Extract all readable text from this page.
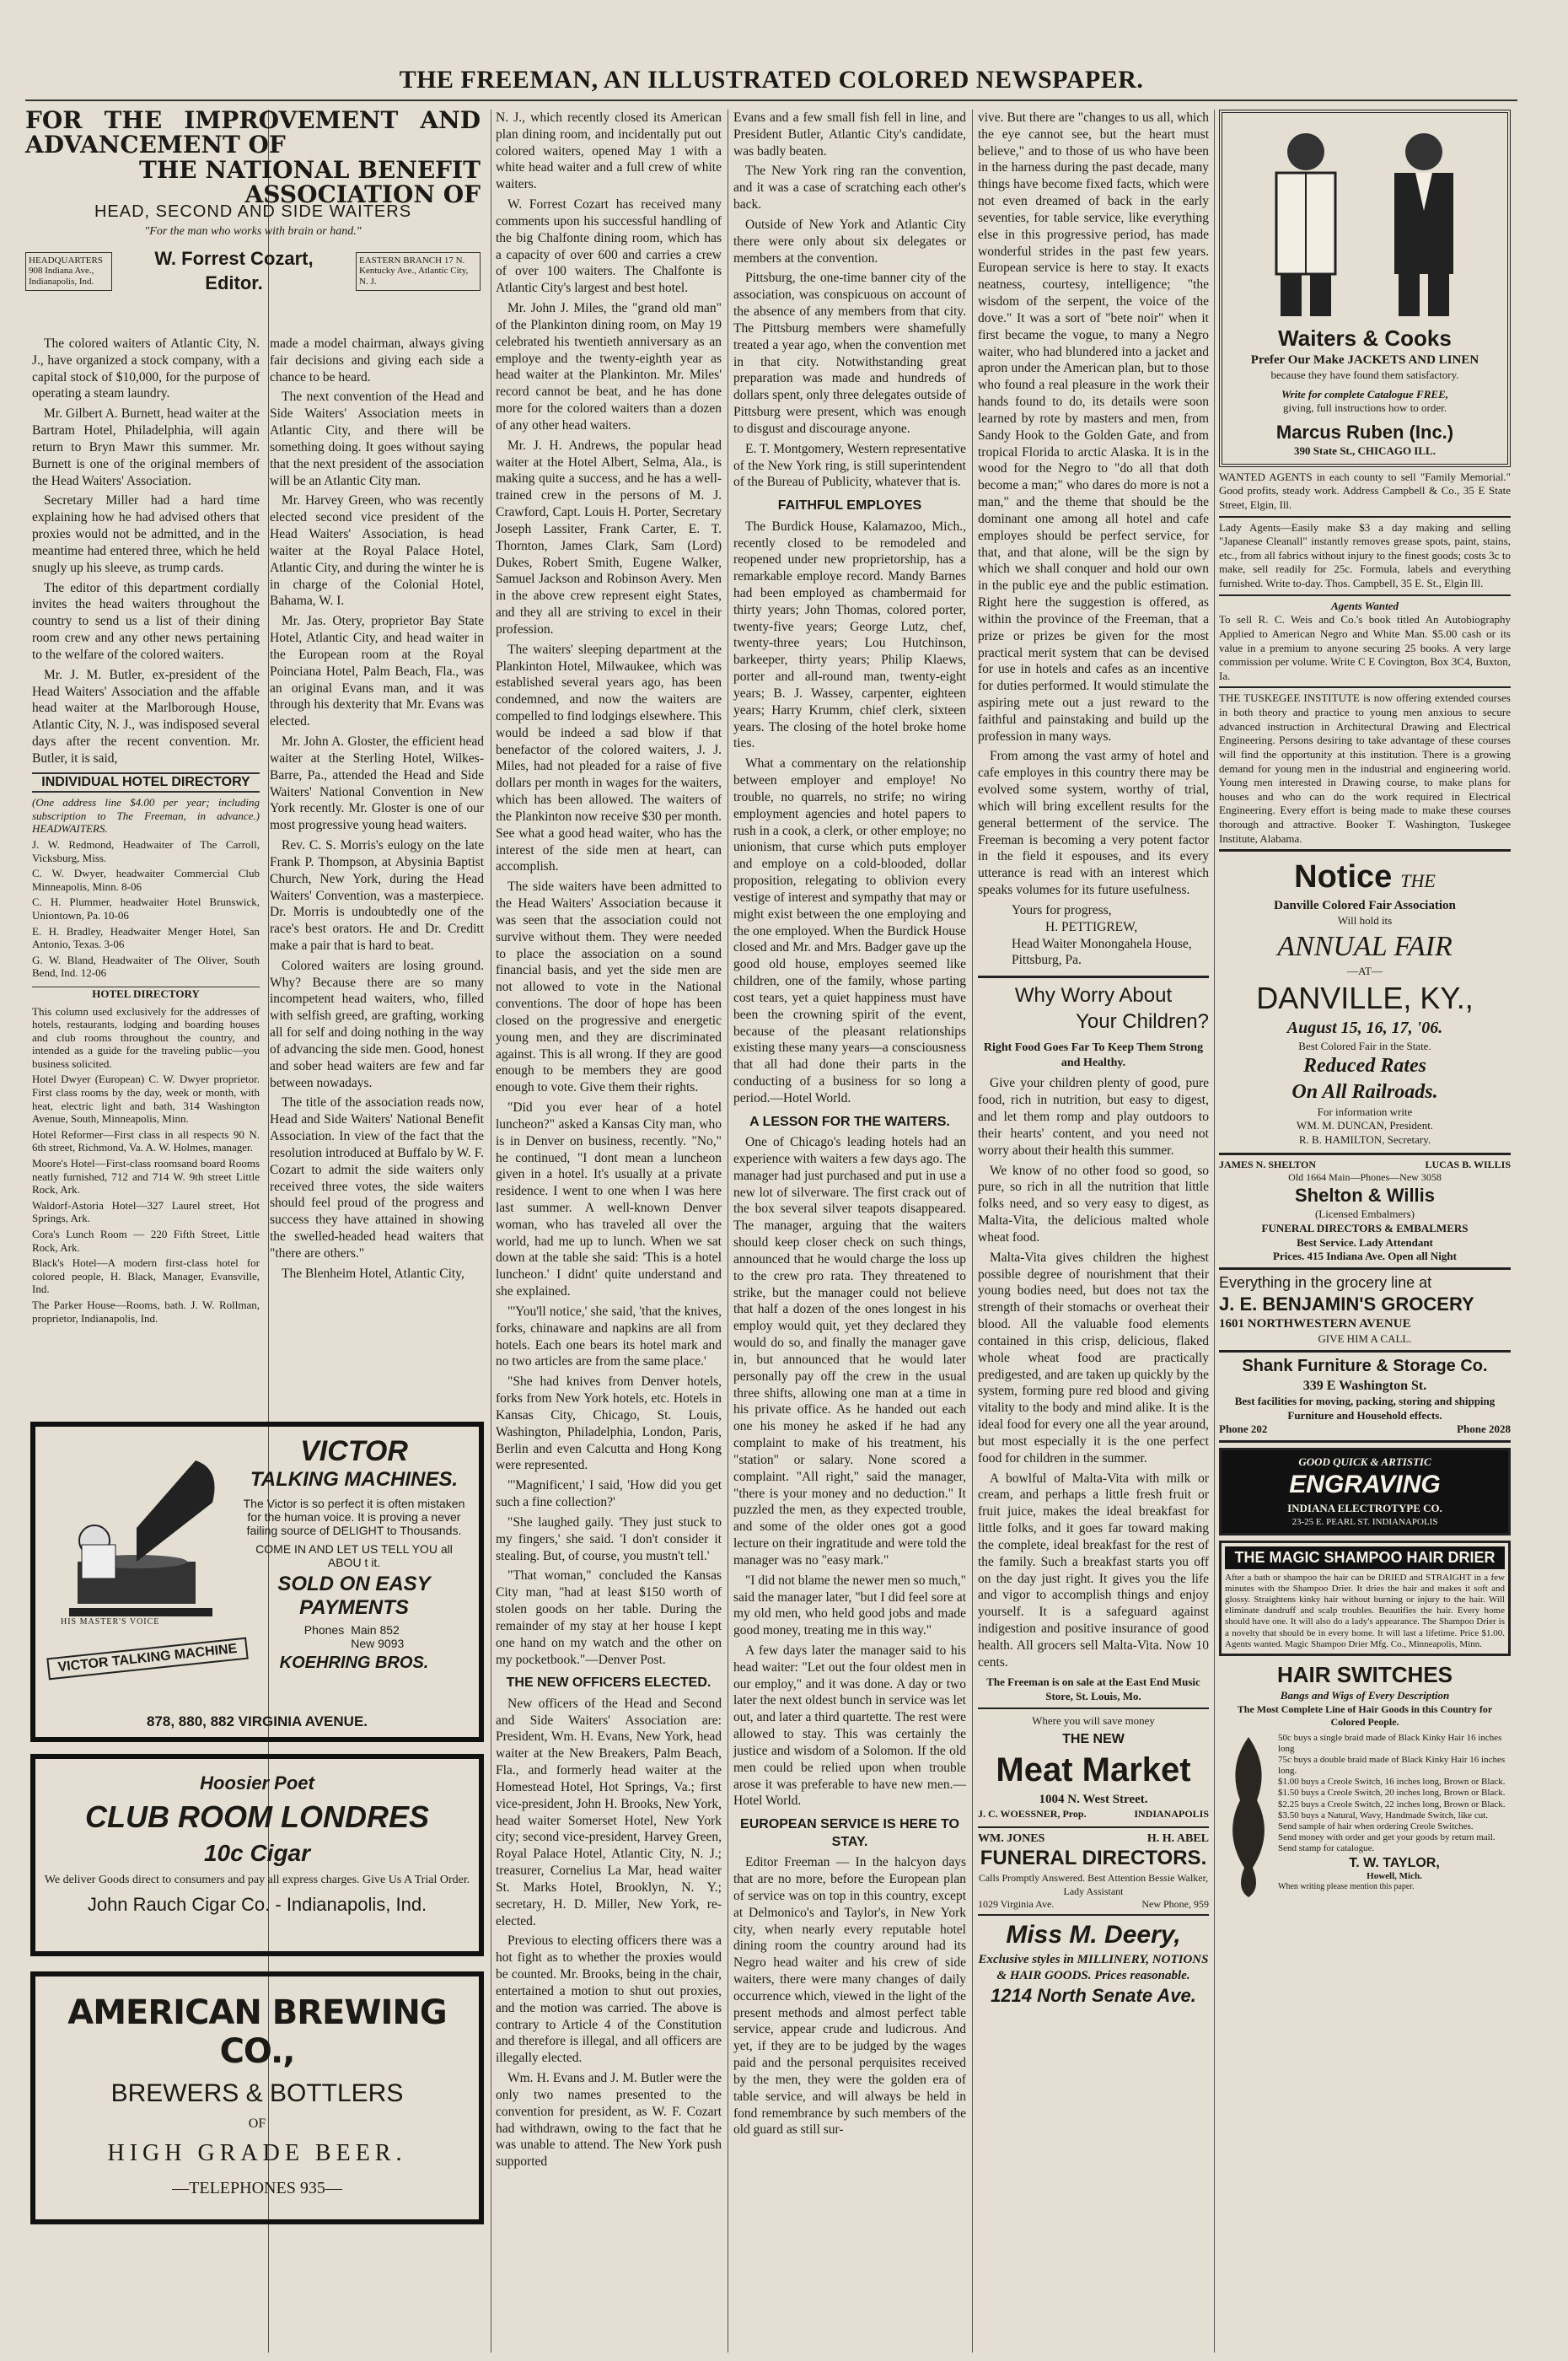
THE FREEMAN, AN ILLUSTRATED COLORED NEWSPAPER.
FOR THE IMPROVEMENT AND ADVANCEMENT OF
THE NATIONAL BENEFIT ASSOCIATION OF
HEAD, SECOND AND SIDE WAITERS
"For the man who works with brain or hand."
HEADQUARTERS 908 Indiana Ave., Indianapolis, Ind.
W. Forrest Cozart, Editor.
EASTERN BRANCH 17 N. Kentucky Ave., Atlantic City, N. J.

The colored waiters of Atlantic City, N. J., have organized a stock company, with a capital stock of $10,000, for the purpose of operating a steam laundry.

Mr. Gilbert A. Burnett, head waiter at the Bartram Hotel, Philadelphia, will again return to Bryn Mawr this summer. Mr. Burnett is one of the original members of the Head Waiters' Association.

Secretary Miller had a hard time explaining how he had advised others that proxies would not be admitted, and in the meantime had entered three, which he held snugly up his sleeve, as trump cards.

The editor of this department cordially invites the head waiters throughout the country to send us a list of their dining room crew and any other news pertaining to the welfare of the colored waiters.

Mr. J. M. Butler, ex-president of the Head Waiters' Association and the affable head waiter at the Marlborough House, Atlantic City, N. J., was indisposed several days after the recent convention. Mr. Butler, it is said,

INDIVIDUAL HOTEL DIRECTORY

(One address line $4.00 per year; including subscription to The Freeman, in advance.) HEADWAITERS.

J. W. Redmond, Headwaiter of The Carroll, Vicksburg, Miss.

C. W. Dwyer, headwaiter Commercial Club Minneapolis, Minn. 8-06

C. H. Plummer, headwaiter Hotel Brunswick, Uniontown, Pa. 10-06

E. H. Bradley, Headwaiter Menger Hotel, San Antonio, Texas. 3-06

G. W. Bland, Headwaiter of The Oliver, South Bend, Ind. 12-06

HOTEL DIRECTORY

This column used exclusively for the addresses of hotels, restaurants, lodging and boarding houses and club rooms throughout the country, and intended as a guide for the traveling public—you business solicited.

Hotel Dwyer (European) C. W. Dwyer proprietor. First class rooms by the day, week or month, with heat, electric light and bath, 314 Washington Avenue, South, Minneapolis, Minn.

Hotel Reformer—First class in all respects 90 N. 6th street, Richmond, Va. A. W. Holmes, manager.

Moore's Hotel—First-class roomsand board Rooms neatly furnished, 712 and 714 W. 9th street Little Rock, Ark.

Waldorf-Astoria Hotel—327 Laurel street, Hot Springs, Ark.

Cora's Lunch Room — 220 Fifth Street, Little Rock, Ark.

Black's Hotel—A modern first-class hotel for colored people, H. Black, Manager, Evansville, Ind.

The Parker House—Rooms, bath. J. W. Rollman, proprietor, Indianapolis, Ind.

HIS MASTER'S VOICE
VICTOR
TALKING MACHINES.
The Victor is so perfect it is often mistaken for the human voice. It is proving a never failing source of DELIGHT to Thousands.
COME IN AND LET US TELL YOU all ABOU t it.
SOLD ON EASY PAYMENTS
Phones Main 852
New 9093
KOEHRING BROS.
VICTOR TALKING MACHINE
878, 880, 882 VIRGINIA AVENUE.
Hoosier Poet
CLUB ROOM LONDRES
10c Cigar
We deliver Goods direct to consumers and pay all express charges. Give Us A Trial Order.
John Rauch Cigar Co. - Indianapolis, Ind.
AMERICAN BREWING CO.,
BREWERS & BOTTLERS
OF
HIGH GRADE BEER.
—TELEPHONES 935—

made a model chairman, always giving fair decisions and giving each side a chance to be heard.

The next convention of the Head and Side Waiters' Association meets in Atlantic City, and there will be something doing. It goes without saying that the next president of the association will be an Atlantic City man.

Mr. Harvey Green, who was recently elected second vice president of the Head Waiters' Association, is head waiter at the Royal Palace Hotel, Atlantic City, and during the winter he is in charge of the Colonial Hotel, Bahama, W. I.

Mr. Jas. Otery, proprietor Bay State Hotel, Atlantic City, and head waiter in the European room at the Royal Poinciana Hotel, Palm Beach, Fla., was an original Evans man, and it was through his dexterity that Mr. Evans was elected.

Mr. John A. Gloster, the efficient head waiter at the Sterling Hotel, Wilkes-Barre, Pa., attended the Head and Side Waiters' National Convention in New York recently. Mr. Gloster is one of our most progressive young head waiters.

Rev. C. S. Morris's eulogy on the late Frank P. Thompson, at Abysinia Baptist Church, New York, during the Head Waiters' Convention, was a masterpiece. Dr. Morris is undoubtedly one of the race's best orators. He and Dr. Creditt make a pair that is hard to beat.

Colored waiters are losing ground. Why? Because there are so many incompetent head waiters, who, filled with selfish greed, are grafting, working all for self and doing nothing in the way of advancing the side men. Good, honest and sober head waiters are few and far between nowadays.

The title of the association reads now, Head and Side Waiters' National Benefit Association. In view of the fact that the resolution introduced at Buffalo by W. F. Cozart to admit the side waiters only received three votes, the side waiters should feel proud of the progress and success they have attained in showing the swelled-headed head waiters that "there are others."

The Blenheim Hotel, Atlantic City,

N. J., which recently closed its American plan dining room, and incidentally put out colored waiters, opened May 1 with a white head waiter and a full crew of white waiters.

W. Forrest Cozart has received many comments upon his successful handling of the big Chalfonte dining room, which has a capacity of over 600 and carries a crew of over 100 waiters. The Chalfonte is Atlantic City's largest and best hotel.

Mr. John J. Miles, the "grand old man" of the Plankinton dining room, on May 19 celebrated his twentieth anniversary as an employe and the twenty-eighth year as head waiter at the Plankinton. Mr. Miles' record cannot be beat, and he has done more for the colored waiters than a dozen of any other head waiters.

Mr. J. H. Andrews, the popular head waiter at the Hotel Albert, Selma, Ala., is making quite a success, and he has a well-trained crew in the persons of M. J. Crawford, Capt. Louis H. Porter, Secretary Joseph Lassiter, Frank Carter, E. T. Thornton, James Clark, Sam (Lord) Dukes, Robert Smith, Eugene Walker, Samuel Jackson and Robinson Avery. Men in the above crew represent eight States, and they all are striving to excel in their profession.

The waiters' sleeping department at the Plankinton Hotel, Milwaukee, which was established several years ago, has been condemned, and now the waiters are compelled to find lodgings elsewhere. This would be indeed a sad blow if that benefactor of the colored waiters, J. J. Miles, had not pleaded for a raise of five dollars per month in wages for the waiters, which has been allowed. The waiters of the Plankinton now receive $30 per month. See what a good head waiter, who has the interest of the side men at heart, can accomplish.

The side waiters have been admitted to the Head Waiters' Association because it was seen that the association could not survive without them. They were needed to place the association on a sound financial basis, and yet the side men are not allowed to vote in the National conventions. The door of hope has been closed on the progressive and energetic young men, and they are discriminated against. This is all wrong. If they are good enough to be members they are good enough to vote. Give them their rights.

"Did you ever hear of a hotel luncheon?" asked a Kansas City man, who is in Denver on business, recently. "No," he continued, "I dont mean a luncheon given in a hotel. It's usually at a private residence. I went to one when I was here last summer. A well-known Denver woman, who has traveled all over the world, had me up to lunch. When we sat down at the table she said: 'This is a hotel luncheon.' I didnt' quite understand and she explained.

"'You'll notice,' she said, 'that the knives, forks, chinaware and napkins are all from hotels. Each one bears its hotel mark and no two articles are from the same place.'

"She had knives from Denver hotels, forks from New York hotels, etc. Hotels in Kansas City, Chicago, St. Louis, Washington, Philadelphia, London, Paris, Berlin and even Calcutta and Hong Kong were represented.

"'Magnificent,' I said, 'How did you get such a fine collection?'

"She laughed gaily. 'They just stuck to my fingers,' she said. 'I don't consider it stealing. But, of course, you mustn't tell.'

"That woman," concluded the Kansas City man, "had at least $150 worth of stolen goods on her table. During the remainder of my stay at her house I kept one hand on my watch and the other on my pocketbook."—Denver Post.

THE NEW OFFICERS ELECTED.

New officers of the Head and Second and Side Waiters' Association are: President, Wm. H. Evans, New York, head waiter at the New Breakers, Palm Beach, Fla., and formerly head waiter at the Homestead Hotel, Hot Springs, Va.; first vice-president, John H. Brooks, New York, head waiter Somerset Hotel, New York city; second vice-president, Harvey Green, Royal Palace Hotel, Atlantic City, N. J.; treasurer, Cornelius La Mar, head waiter St. Marks Hotel, Brooklyn, N. Y.; secretary, H. D. Miller, New York, re-elected.

Previous to electing officers there was a hot fight as to whether the proxies would be counted. Mr. Brooks, being in the chair, entertained a motion to shut out proxies, and the motion was carried. The above is contrary to Article 4 of the Constitution and therefore is illegal, and all officers are illegally elected.

Wm. H. Evans and J. M. Butler were the only two names presented to the convention for president, as W. F. Cozart had withdrawn, owing to the fact that he was unable to attend. The New York push supported

Evans and a few small fish fell in line, and President Butler, Atlantic City's candidate, was badly beaten.

The New York ring ran the convention, and it was a case of scratching each other's back.

Outside of New York and Atlantic City there were only about six delegates or members at the convention.

Pittsburg, the one-time banner city of the association, was conspicuous on account of the absence of any members from that city. The Pittsburg members were shamefully treated a year ago, when the convention met in that city. Notwithstanding great preparation was made and hundreds of dollars spent, only three delegates outside of Pittsburg were present, which was enough to disgust and discourage anyone.

E. T. Montgomery, Western representative of the New York ring, is still superintendent of the Bureau of Publicity, whatever that is.

FAITHFUL EMPLOYES

The Burdick House, Kalamazoo, Mich., recently closed to be remodeled and reopened under new proprietorship, has a remarkable employe record. Mandy Barnes had been employed as chambermaid for thirty years; John Thomas, colored porter, twenty-five years; George Lutz, chef, twenty-three years; Lou Hutchinson, barkeeper, thirty years; Philip Klaews, porter and all-round man, twenty-eight years; B. J. Wassey, carpenter, eighteen years; Harry Krumm, chief clerk, sixteen years. The closing of the hotel broke home ties.

What a commentary on the relationship between employer and employe! No trouble, no quarrels, no strife; no wiring employment agencies and hotel papers to rush in a cook, a clerk, or other employe; no unionism, that curse which puts employer and employe on a cold-blooded, dollar proposition, relegating to oblivion every vestige of interest and sympathy that may or might exist between the one employing and the one employed. When the Burdick House closed and Mr. and Mrs. Badger gave up the good old house, employes seemed like children, one of the family, whose parting cost tears, yet a quiet happiness must have been the crowning spirit of the event, because of the pleasant relationships existing these many years—a consciousness that all had done their parts in the conducting of a business for so long a period.—Hotel World.

A LESSON FOR THE WAITERS.

One of Chicago's leading hotels had an experience with waiters a few days ago. The manager had just purchased and put in use a new lot of silverware. The first crack out of the box several silver teapots disappeared. The manager, arguing that the waiters should keep closer check on such things, announced that he would charge the loss up to the crew pro rata. They threatened to strike, but the manager could not believe that half a dozen of the ones longest in his employ would quit, yet they declared they would do so, and finally the manager gave in, but announced that he would later personally pay off the crew in the usual three shifts, allowing one man at a time in his private office. As he handed out each one his money he asked if he had any complaint to make of his treatment, his "station" or salary. None scored a complaint. "All right," said the manager, "there is your money and no deduction." It puzzled the men, as they expected trouble, and some of the older ones got a good lecture on their ingratitude and were told the manager was no "easy mark."

"I did not blame the newer men so much," said the manager later, "but I did feel sore at my old men, who held good jobs and made good money, treating me in this way."

A few days later the manager said to his head waiter: "Let out the four oldest men in our employ," and it was done. A day or two later the next oldest bunch in service was let out, and later a third quartette. The rest were allowed to stay. This was certainly the justice and wisdom of a Solomon. If the old men could be relied upon when trouble arose it was preferable to have new men.—Hotel World.

EUROPEAN SERVICE IS HERE TO STAY.

Editor Freeman — In the halcyon days that are no more, before the European plan of service was on top in this country, except at Delmonico's and Taylor's, in New York city, when nearly every reputable hotel dining room the country around had its Negro head waiter and his crew of side waiters, there were many changes of daily occurrence which, viewed in the light of the present methods and almost perfect table service, appear crude and ludicrous. And yet, if they are to be judged by the wages paid and the personal perquisites received by the men, they were the golden era of table service, and will always be held in fond remembrance by such members of the old guard as still sur-

vive. But there are "changes to us all, which the eye cannot see, but the heart must believe," and to those of us who have been in the harness during the past decade, many things have become fixed facts, which were not even dreamed of back in the early seventies, for table service, like everything else in this progressive period, has made wonderful strides in the past few years. European service is here to stay. It exacts neatness, courtesy, intelligence; "the wisdom of the serpent, the voice of the dove." It was a sort of "bete noir" when it first became the vogue, to many a Negro waiter, who had blundered into a jacket and apron under the American plan, but to those who found a real pleasure in the work their hands found to do, its details were soon learned by rote by masters and men, from Sandy Hook to the Golden Gate, and from tropical Florida to arctic Alaska. It is in the wood for the Negro to "do all that doth become a man;" who dares do more is not a man," and the theme that should be the dominant one among all hotel and cafe employes should be perfect service, for that, and that alone, will be the sign by which we shall conquer and hold our own in the public eye and the public estimation. Right here the suggestion is offered, as within the province of the Freeman, that a prize or prizes be given for the most practical merit system that can be devised for use in hotels and cafes as an incentive for duties performed. It would stimulate the aspiring mete out a just reward to the faithful and painstaking and build up the profession in many ways.

From among the vast army of hotel and cafe employes in this country there may be evolved some system, worthy of trial, which will bring excellent results for the general betterment of the service. The Freeman is becoming a very potent factor in the field it espouses, and its every utterance is read with an interest which speaks volumes for its future usefulness.

Yours for progress,
H. PETTIGREW,
Head Waiter Monongahela House, Pittsburg, Pa.
Why Worry About
Your Children?
Right Food Goes Far To Keep Them Strong and Healthy.

Give your children plenty of good, pure food, rich in nutrition, but easy to digest, and let them romp and play outdoors to their hearts' content, and you need not worry about their health this summer.

We know of no other food so good, so pure, so rich in all the nutrition that little folks need, and so very easy to digest, as Malta-Vita, the delicious malted whole wheat food.

Malta-Vita gives children the highest possible degree of nourishment that their young bodies need, but does not tax the strength of their stomachs or overheat their blood. All the valuable food elements contained in this crisp, delicious, flaked whole wheat food are practically predigested, and are taken up quickly by the system, forming pure red blood and giving vitality to the body and mind alike. It is the ideal food for every one all the year around, but most especially it is the one perfect food for children in the summer.

A bowlful of Malta-Vita with milk or cream, and perhaps a little fresh fruit or fruit juice, makes the ideal breakfast for little folks, and it goes far toward making the complete, ideal breakfast for the rest of the family. Such a breakfast starts you off on the day just right. It gives you the life and vigor to accomplish things and enjoy yourself. It is a safeguard against indigestion and positive insurance of good health. All grocers sell Malta-Vita. Now 10 cents.

The Freeman is on sale at the East End Music Store, St. Louis, Mo.
Where you will save money
THE NEW
Meat Market
1004 N. West Street.
J. C. WOESSNER, Prop.	INDIANAPOLIS
WM. JONES	H. H. ABEL
FUNERAL DIRECTORS.
Calls Promptly Answered. Best Attention Bessie Walker, Lady Assistant
1029 Virginia Ave.	New Phone, 959
Miss M. Deery,
Exclusive styles in MILLINERY, NOTIONS & HAIR GOODS. Prices reasonable.
1214 North Senate Ave.
Waiters & Cooks
Prefer Our Make JACKETS AND LINEN
because they have found them satisfactory.
Write for complete Catalogue FREE,
giving, full instructions how to order.
Marcus Ruben (Inc.)
390 State St., CHICAGO ILL.
WANTED AGENTS in each county to sell "Family Memorial." Good profits, steady work. Address Campbell & Co., 35 E State Street, Elgin, Ill.
Lady Agents—Easily make $3 a day making and selling "Japanese Cleanall" instantly removes grease spots, paint, stains, etc., from all fabrics without injury to the finest goods; costs 3c to make, sell readily for 25c. Formula, labels and everything furnished. Write to-day. Thos. Campbell, 35 E. St., Elgin Ill.
Agents Wanted
To sell R. C. Weis and Co.'s book titled An Autobiography Applied to American Negro and White Man. $5.00 cash or its value in a premium to anyone securing 25 books. A very large commission per volume. Write C E Covington, Box 3C4, Buxton, Ia.
THE TUSKEGEE INSTITUTE is now offering extended courses in both theory and practice to young men anxious to secure advanced instruction in Architectural Drawing and Electrical Engineering. Persons desiring to take advantage of these courses will find the opportunity at this institution. There is a growing demand for young men in the industrial and engineering world. Young men interested in Drawing course, to make plans for houses and who can do the work required in Electrical Engineering. Every effort is being made to make these courses thorough and attractive. Booker T. Washington, Tuskegee Institute, Alabama.
Notice THE
Danville Colored Fair Association
Will hold its
ANNUAL FAIR
—AT—
DANVILLE, KY.,
August 15, 16, 17, '06.
Best Colored Fair in the State.
Reduced Rates
On All Railroads.
For information write
WM. M. DUNCAN, President.
R. B. HAMILTON, Secretary.
JAMES N. SHELTON	LUCAS B. WILLIS
Old 1664 Main—Phones—New 3058
Shelton & Willis
(Licensed Embalmers)
FUNERAL DIRECTORS & EMBALMERS
Best Service. Lady Attendant
Prices. 415 Indiana Ave. Open all Night
Everything in the grocery line at
J. E. BENJAMIN'S GROCERY
1601 NORTHWESTERN AVENUE
GIVE HIM A CALL.
Shank Furniture & Storage Co.
339 E Washington St.
Best facilities for moving, packing, storing and shipping Furniture and Household effects.
Phone 202	Phone 2028
GOOD QUICK & ARTISTIC
ENGRAVING
INDIANA ELECTROTYPE CO.
23-25 E. PEARL ST. INDIANAPOLIS
THE MAGIC SHAMPOO HAIR DRIER
After a bath or shampoo the hair can be DRIED and STRAIGHT in a few minutes with the Shampoo Drier. It dries the hair and makes it soft and glossy. Straightens kinky hair without burning or injury to the hair. Will eliminate dandruff and scalp troubles. Beautifies the hair. Every home should have one. It will also do a lady's appearance. The Shampoo Drier is a novelty that should be in every home. It will last a lifetime. Price $1.00. Agents wanted. Magic Shampoo Drier Mfg. Co., Minneapolis, Minn.
HAIR SWITCHES
Bangs and Wigs of Every Description
The Most Complete Line of Hair Goods in this Country for Colored People.
50c buys a single braid made of Black Kinky Hair 16 inches long
75c buys a double braid made of Black Kinky Hair 16 inches long.
$1.00 buys a Creole Switch, 16 inches long, Brown or Black.
$1.50 buys a Creole Switch, 20 inches long, Brown or Black.
$2.25 buys a Creole Switch, 22 inches long, Brown or Black.
$3.50 buys a Natural, Wavy, Handmade Switch, like cut.
Send sample of hair when ordering Creole Switches.
Send money with order and get your goods by return mail. Send stamp for catalogue.
T. W. TAYLOR,
Howell, Mich.
When writing please mention this paper.
